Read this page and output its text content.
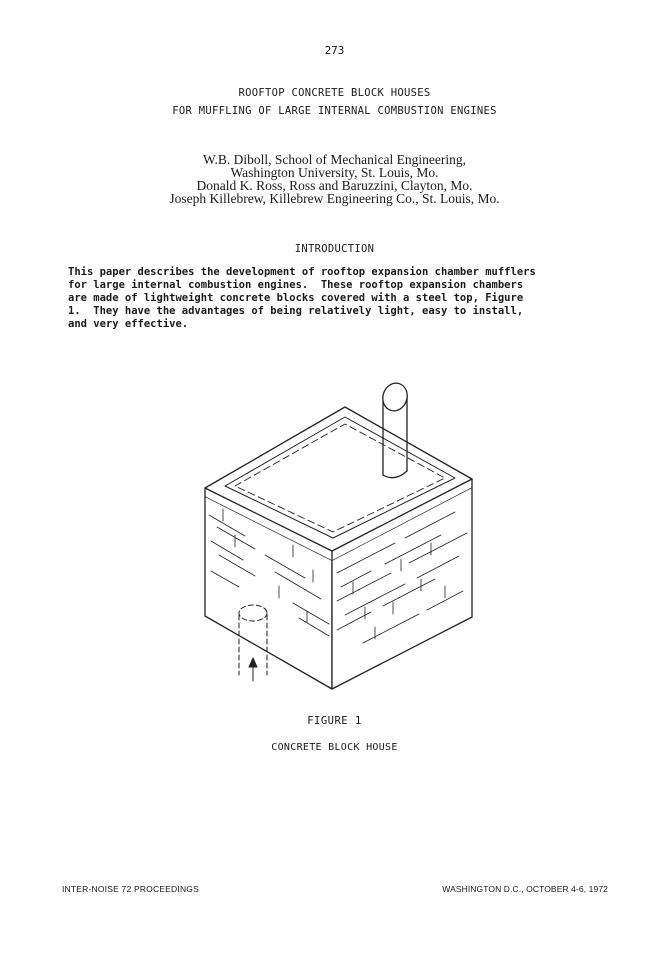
273
ROOFTOP CONCRETE BLOCK HOUSES
FOR MUFFLING OF LARGE INTERNAL COMBUSTION ENGINES
W.B. Diboll, School of Mechanical Engineering,
Washington University, St. Louis, Mo.
Donald K. Ross, Ross and Baruzzini, Clayton, Mo.
Joseph Killebrew, Killebrew Engineering Co., St. Louis, Mo.
INTRODUCTION
This paper describes the development of rooftop expansion chamber mufflers
for large internal combustion engines.  These rooftop expansion chambers
are made of lightweight concrete blocks covered with a steel top, Figure
1.  They have the advantages of being relatively light, easy to install,
and very effective.
FIGURE 1
CONCRETE BLOCK HOUSE
INTER-NOISE 72 PROCEEDINGS	WASHINGTON D.C., OCTOBER 4-6, 1972
